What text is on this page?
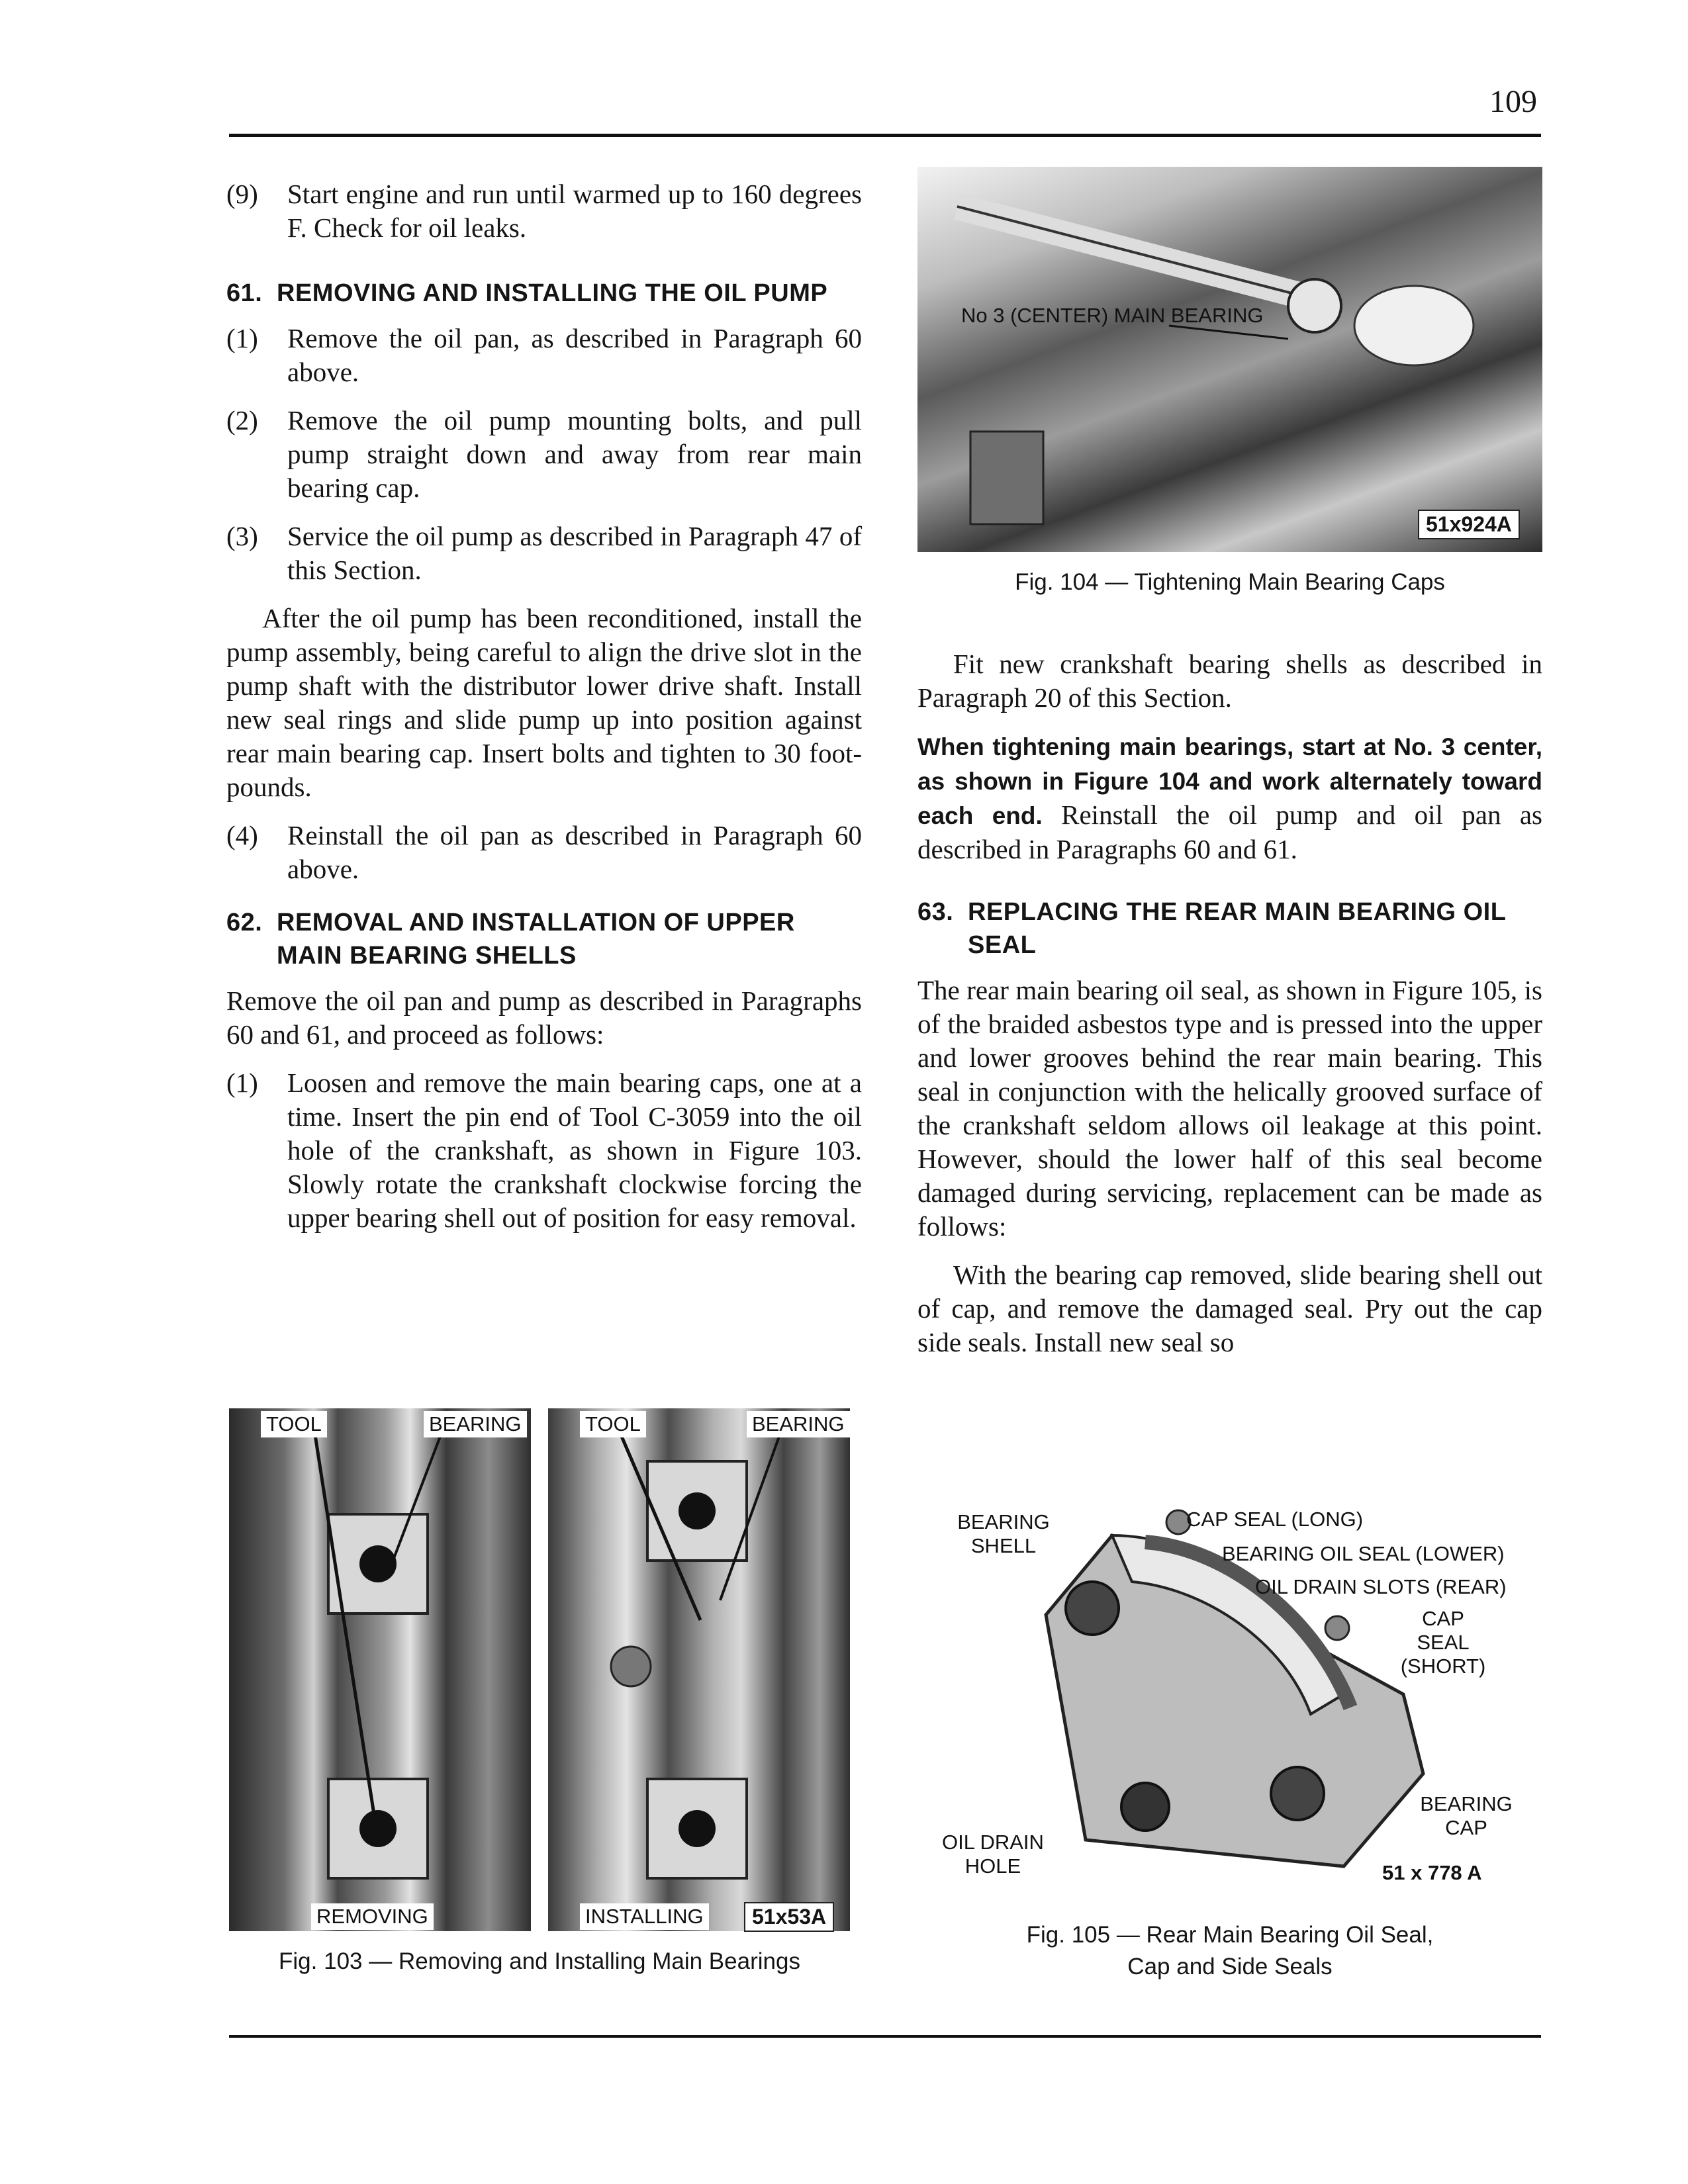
109
(9)	Start engine and run until warmed up to 160 degrees F. Check for oil leaks.
61. REMOVING AND INSTALLING THE OIL PUMP
(1)	Remove the oil pan, as described in Paragraph 60 above.
(2)	Remove the oil pump mounting bolts, and pull pump straight down and away from rear main bearing cap.
(3)	Service the oil pump as described in Paragraph 47 of this Section.

After the oil pump has been reconditioned, install the pump assembly, being careful to align the drive slot in the pump shaft with the distributor lower drive shaft. Install new seal rings and slide pump up into position against rear main bearing cap. Insert bolts and tighten to 30 foot-pounds.

(4)	Reinstall the oil pan as described in Paragraph 60 above.
62. REMOVAL AND INSTALLATION OF UPPER MAIN BEARING SHELLS

Remove the oil pan and pump as described in Paragraphs 60 and 61, and proceed as follows:

(1)	Loosen and remove the main bearing caps, one at a time. Insert the pin end of Tool C-3059 into the oil hole of the crankshaft, as shown in Figure 103. Slowly rotate the crankshaft clockwise forcing the upper bearing shell out of position for easy removal.
TOOL	BEARING	TOOL	BEARING
REMOVING	INSTALLING	51x53A
Fig. 103 — Removing and Installing Main Bearings
No 3 (CENTER) MAIN BEARING
51x924A
Fig. 104 — Tightening Main Bearing Caps

Fit new crankshaft bearing shells as described in Paragraph 20 of this Section.

When tightening main bearings, start at No. 3 center, as shown in Figure 104 and work alternately toward each end. Reinstall the oil pump and oil pan as described in Paragraphs 60 and 61.

63. REPLACING THE REAR MAIN BEARING OIL SEAL

The rear main bearing oil seal, as shown in Figure 105, is of the braided asbestos type and is pressed into the upper and lower grooves behind the rear main bearing. This seal in conjunction with the helically grooved surface of the crankshaft seldom allows oil leakage at this point. However, should the lower half of this seal become damaged during servicing, replacement can be made as follows:

With the bearing cap removed, slide bearing shell out of cap, and remove the damaged seal. Pry out the cap side seals. Install new seal so

BEARING SHELL
CAP SEAL (LONG)
BEARING OIL SEAL (LOWER)
OIL DRAIN SLOTS (REAR)
CAP SEAL (SHORT)
BEARING CAP
OIL DRAIN HOLE	51 x 778 A
Fig. 105 — Rear Main Bearing Oil Seal,
Cap and Side Seals
